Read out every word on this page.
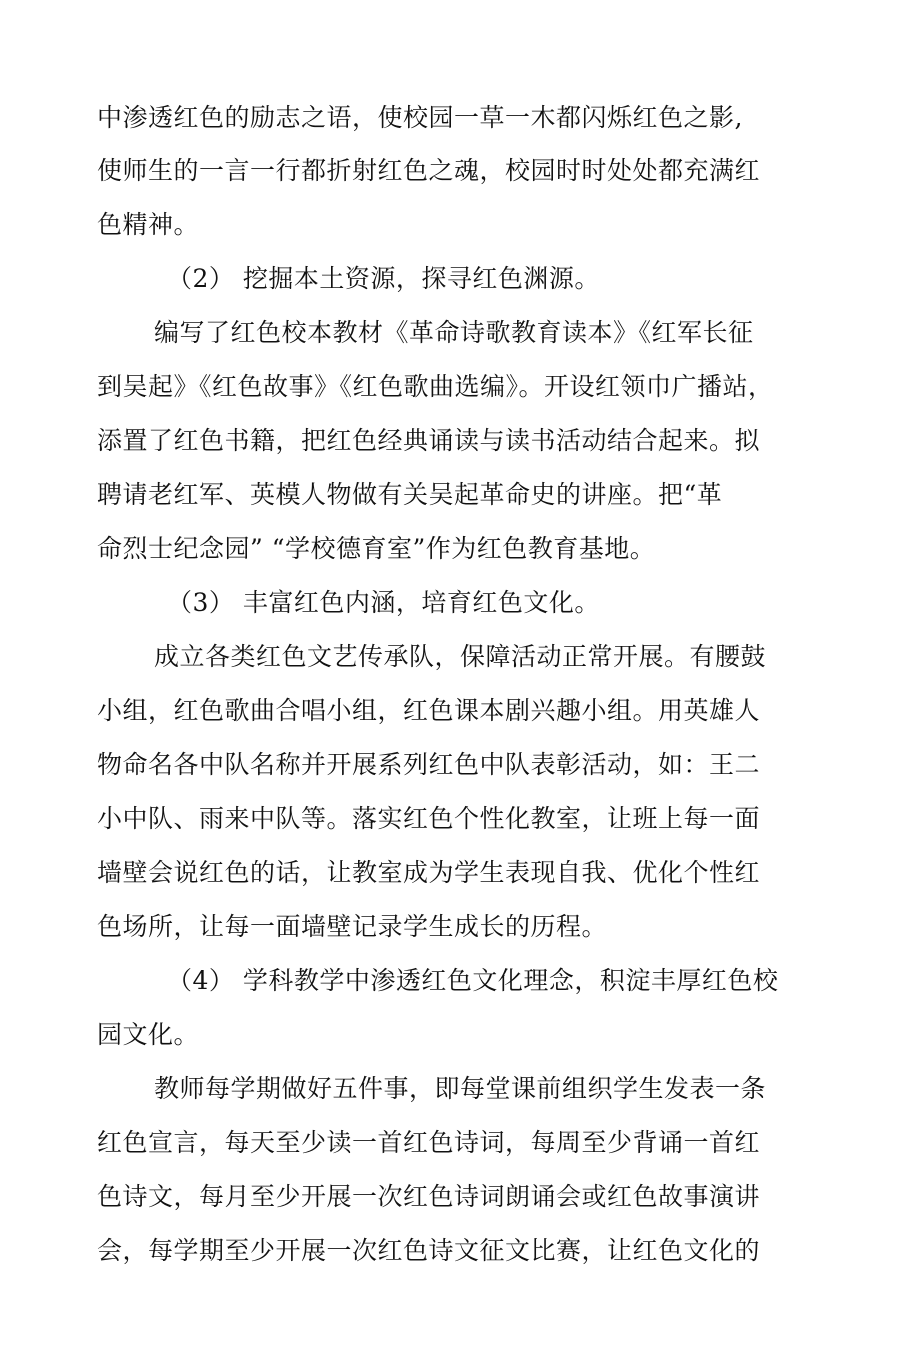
中渗透红色的励志之语，使校园一草一木都闪烁红色之影,
使师生的一言一行都折射红色之魂，校园时时处处都充满红
色精神。
（2） 挖掘本土资源，探寻红色渊源。
编写了红色校本教材《革命诗歌教育读本》《红军长征
到吴起》《红色故事》《红色歌曲选编》。开设红领巾广播站，
添置了红色书籍，把红色经典诵读与读书活动结合起来。拟
聘请老红军、英模人物做有关吴起革命史的讲座。把“革
命烈士纪念园” “学校德育室”作为红色教育基地。
（3） 丰富红色内涵，培育红色文化。
成立各类红色文艺传承队，保障活动正常开展。有腰鼓
小组，红色歌曲合唱小组，红色课本剧兴趣小组。用英雄人
物命名各中队名称并开展系列红色中队表彰活动，如：王二
小中队、雨来中队等。落实红色个性化教室，让班上每一面
墙壁会说红色的话，让教室成为学生表现自我、优化个性红
色场所，让每一面墙壁记录学生成长的历程。
（4） 学科教学中渗透红色文化理念，积淀丰厚红色校
园文化。
教师每学期做好五件事，即每堂课前组织学生发表一条
红色宣言，每天至少读一首红色诗词，每周至少背诵一首红
色诗文，每月至少开展一次红色诗词朗诵会或红色故事演讲
会，每学期至少开展一次红色诗文征文比赛，让红色文化的
